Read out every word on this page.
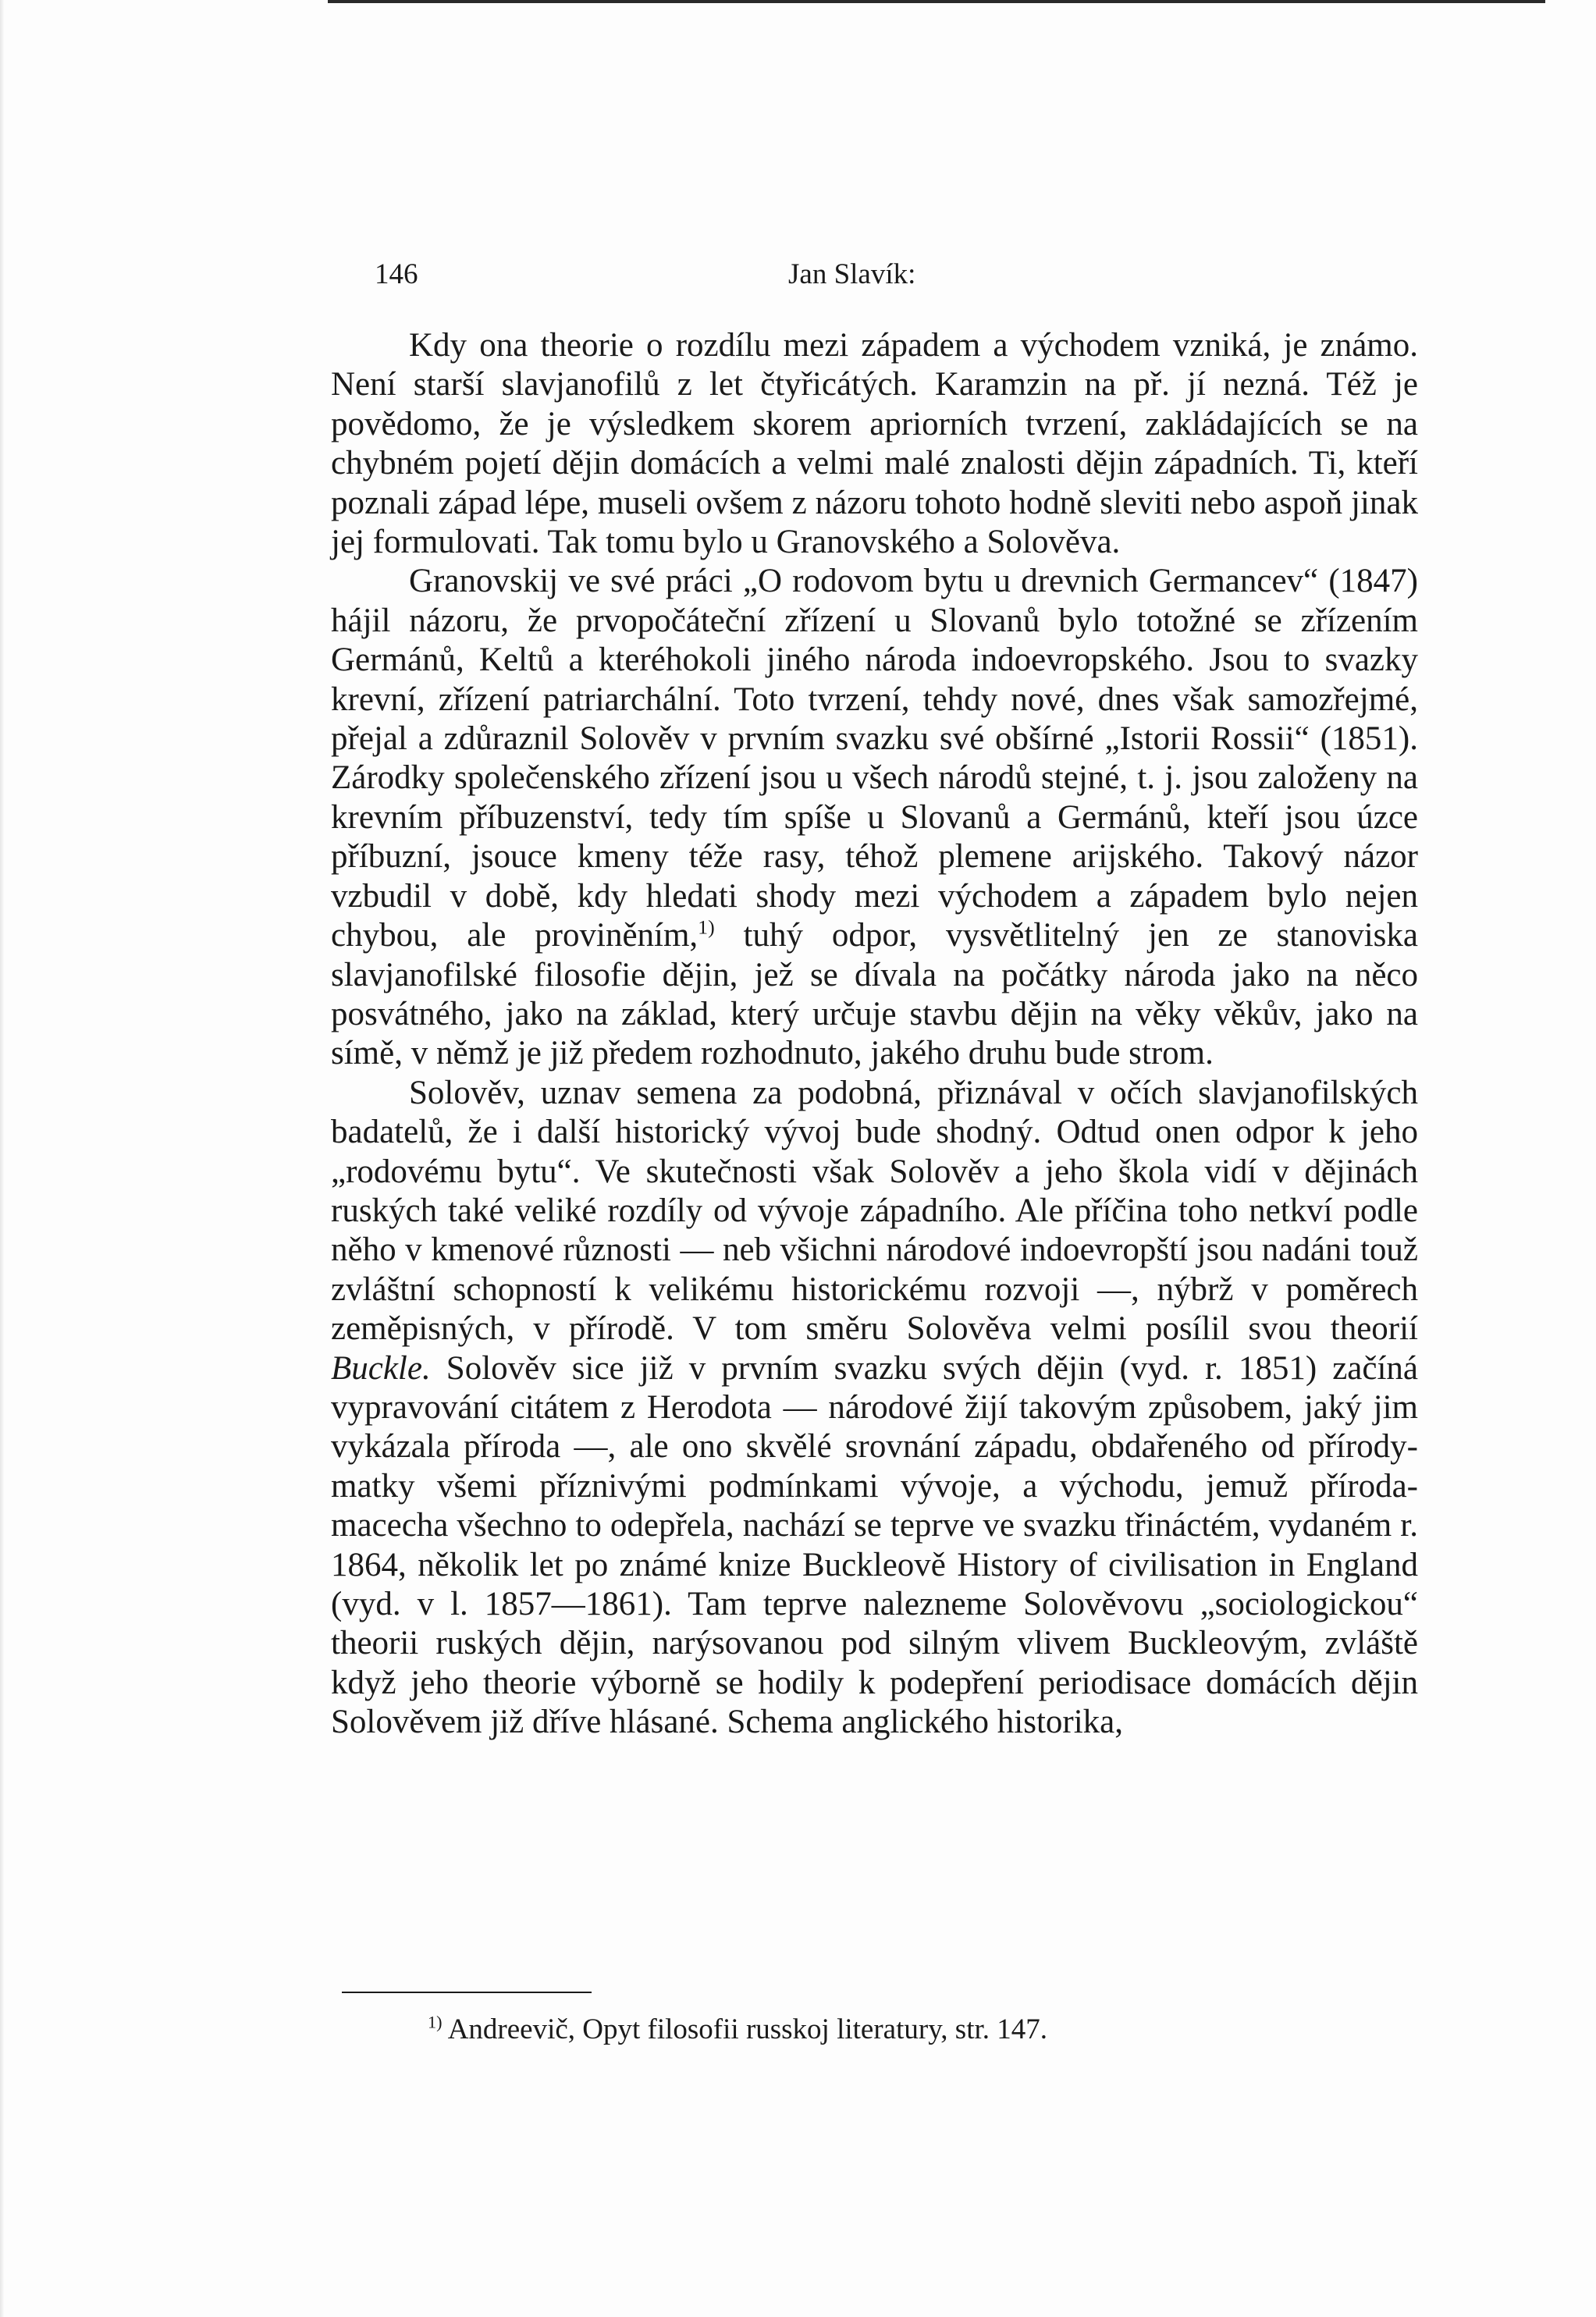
146	Jan Slavík:

Kdy ona theorie o rozdílu mezi západem a východem vzniká, je známo. Není starší slavjanofilů z let čtyřicátých. Karamzin na př. jí nezná. Též je povědomo, že je výsledkem skorem apriorních tvrzení, zakládajících se na chybném pojetí dějin domácích a velmi malé znalosti dějin západních. Ti, kteří poznali západ lépe, museli ovšem z názoru tohoto hodně sleviti nebo aspoň jinak jej formulovati. Tak tomu bylo u Granovského a Solověva.

Granovskij ve své práci „O rodovom bytu u drevnich Germancev“ (1847) hájil názoru, že prvopočáteční zřízení u Slovanů bylo totožné se zřízením Germánů, Keltů a kteréhokoli jiného národa indoevropského. Jsou to svazky krevní, zřízení patriarchální. Toto tvrzení, tehdy nové, dnes však samozřejmé, přejal a zdůraznil Solověv v prvním svazku své obšírné „Istorii Rossii“ (1851). Zárodky společenského zřízení jsou u všech národů stejné, t. j. jsou založeny na krevním příbuzenství, tedy tím spíše u Slovanů a Germánů, kteří jsou úzce příbuzní, jsouce kmeny téže rasy, téhož plemene arijského. Takový názor vzbudil v době, kdy hledati shody mezi východem a západem bylo nejen chybou, ale proviněním,$^{1)}$ tuhý odpor, vysvětlitelný jen ze stanoviska slavjanofilské filosofie dějin, jež se dívala na počátky národa jako na něco posvátného, jako na základ, který určuje stavbu dějin na věky věkův, jako na símě, v němž je již předem rozhodnuto, jakého druhu bude strom.

Solověv, uznav semena za podobná, přiznával v očích slavjanofilských badatelů, že i další historický vývoj bude shodný. Odtud onen odpor k jeho „rodovému bytu“. Ve skutečnosti však Solověv a jeho škola vidí v dějinách ruských také veliké rozdíly od vývoje západního. Ale příčina toho netkví podle něho v kmenové různosti — neb všichni národové indoevropští jsou nadáni touž zvláštní schopností k velikému historickému rozvoji —, nýbrž v poměrech zeměpisných, v přírodě. V tom směru Solověva velmi posílil svou theorií Buckle. Solověv sice již v prvním svazku svých dějin (vyd. r. 1851) začíná vypravování citátem z Herodota — národové žijí takovým způsobem, jaký jim vykázala příroda —, ale ono skvělé srovnání západu, obdařeného od přírody-matky všemi příznivými podmínkami vývoje, a východu, jemuž příroda-macecha všechno to odepřela, nachází se teprve ve svazku třináctém, vydaném r. 1864, několik let po známé knize Buckleově History of civilisation in England (vyd. v l. 1857—1861). Tam teprve nalezneme Solověvovu „sociologickou“ theorii ruských dějin, narýsovanou pod silným vlivem Buckleovým, zvláště když jeho theorie výborně se hodily k podepření periodisace domácích dějin Solověvem již dříve hlásané. Schema anglického historika,

$^{1)}$ Andreevič, Opyt filosofii russkoj literatury, str. 147.
